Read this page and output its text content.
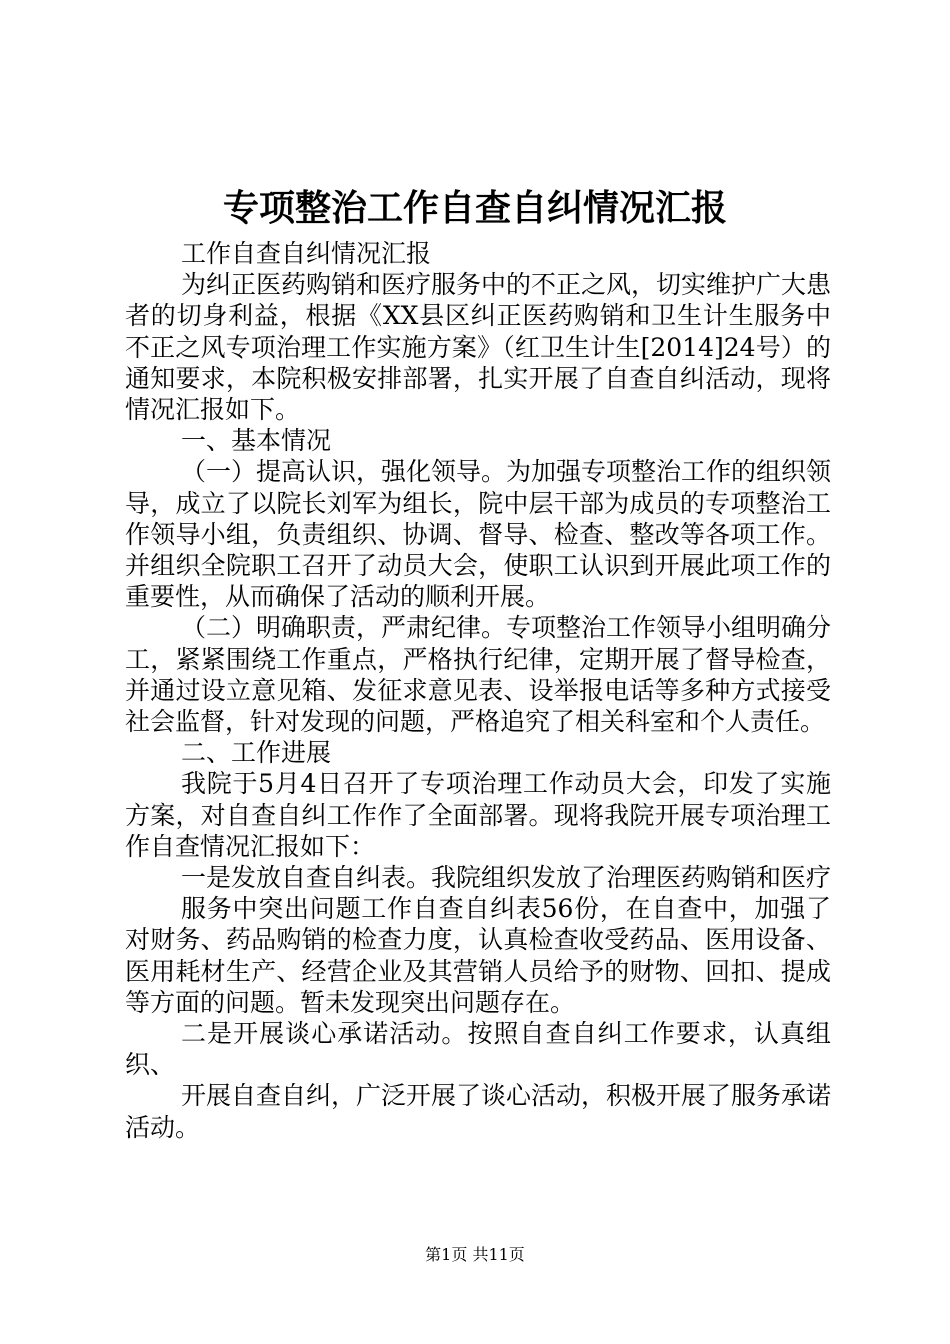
专项整治工作自查自纠情况汇报

工作自查自纠情况汇报

为纠正医药购销和医疗服务中的不正之风，切实维护广大患者的切身利益，根据《XX县区纠正医药购销和卫生计生服务中不正之风专项治理工作实施方案》（红卫生计生[2014]24号）的通知要求，本院积极安排部署，扎实开展了自查自纠活动，现将情况汇报如下。

一、基本情况

（一）提高认识，强化领导。为加强专项整治工作的组织领导，成立了以院长刘军为组长，院中层干部为成员的专项整治工作领导小组，负责组织、协调、督导、检查、整改等各项工作。并组织全院职工召开了动员大会，使职工认识到开展此项工作的重要性，从而确保了活动的顺利开展。

（二）明确职责，严肃纪律。专项整治工作领导小组明确分工，紧紧围绕工作重点，严格执行纪律，定期开展了督导检查，并通过设立意见箱、发征求意见表、设举报电话等多种方式接受社会监督，针对发现的问题，严格追究了相关科室和个人责任。

二、工作进展

我院于5月4日召开了专项治理工作动员大会，印发了实施方案，对自查自纠工作作了全面部署。现将我院开展专项治理工作自查情况汇报如下：

一是发放自查自纠表。我院组织发放了治理医药购销和医疗

服务中突出问题工作自查自纠表56份，在自查中，加强了对财务、药品购销的检查力度，认真检查收受药品、医用设备、医用耗材生产、经营企业及其营销人员给予的财物、回扣、提成等方面的问题。暂未发现突出问题存在。

二是开展谈心承诺活动。按照自查自纠工作要求，认真组织、

开展自查自纠，广泛开展了谈心活动，积极开展了服务承诺活动。

第1页 共11页
